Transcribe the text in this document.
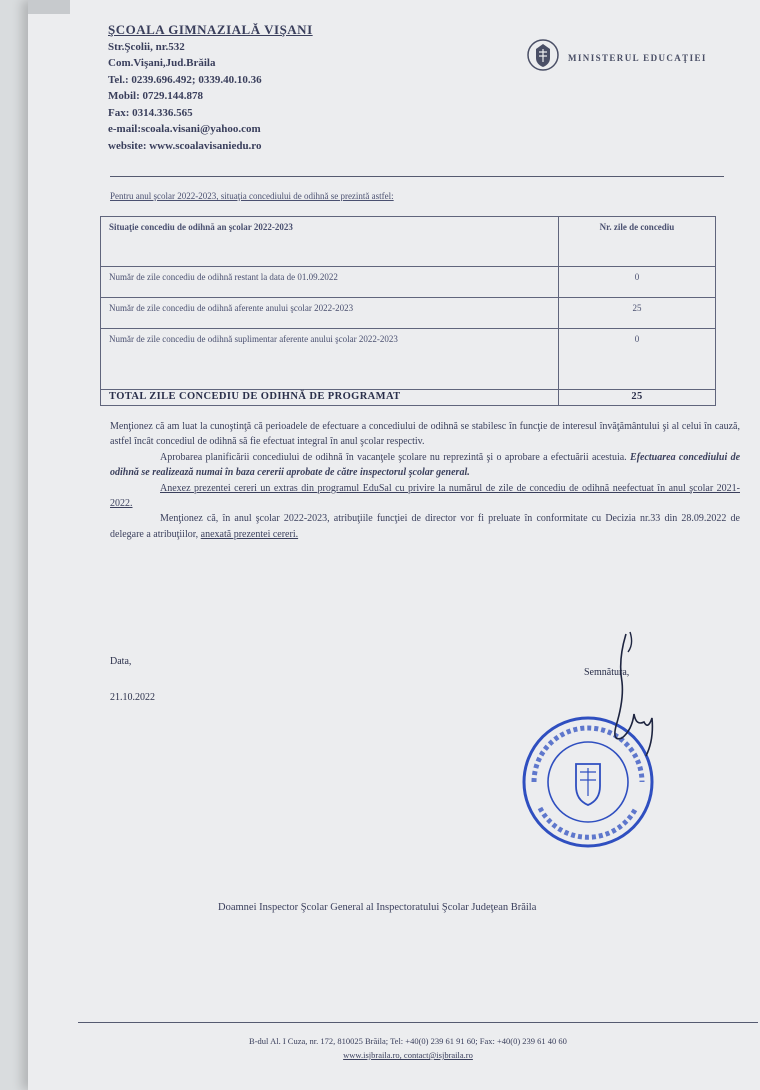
ŞCOALA GIMNAZIALĂ VIŞANI
Str.Şcolii, nr.532
Com.Vişani,Jud.Brăila
Tel.: 0239.696.492; 0339.40.10.36
Mobil: 0729.144.878
Fax: 0314.336.565
e-mail:scoala.visani@yahoo.com
website: www.scoalavisaniedu.ro
MINISTERUL EDUCAŢIEI
Pentru anul şcolar 2022-2023, situaţia concediului de odihnă se prezintă astfel:
Situaţie concediu de odihnă an şcolar 2022-2023	Nr. zile de concediu
Număr de zile concediu de odihnă restant la data de 01.09.2022	0
Număr de zile concediu de odihnă aferente anului şcolar 2022-2023	25
Număr de zile concediu de odihnă suplimentar aferente anului şcolar 2022-2023	0
TOTAL ZILE CONCEDIU DE ODIHNĂ DE PROGRAMAT	25

Menţionez că am luat la cunoştinţă că perioadele de efectuare a concediului de odihnă se stabilesc în funcţie de interesul învăţământului şi al celui în cauză, astfel încât concediul de odihnă să fie efectuat integral în anul şcolar respectiv.

Aprobarea planificării concediului de odihnă în vacanţele şcolare nu reprezintă şi o aprobare a efectuării acestuia. Efectuarea concediului de odihnă se realizează numai în baza cererii aprobate de către inspectorul şcolar general.

Anexez prezentei cereri un extras din programul EduSal cu privire la numărul de zile de concediu de odihnă neefectuat în anul şcolar 2021-2022.

Menţionez că, în anul şcolar 2022-2023, atribuţiile funcţiei de director vor fi preluate în conformitate cu Decizia nr.33 din 28.09.2022 de delegare a atribuţiilor, anexată prezentei cereri.

Data,
21.10.2022
Semnătura,
Doamnei Inspector Şcolar General al Inspectoratului Şcolar Judeţean Brăila
B-dul Al. I Cuza, nr. 172, 810025 Brăila; Tel: +40(0) 239 61 91 60; Fax: +40(0) 239 61 40 60
www.isjbraila.ro, contact@isjbraila.ro
